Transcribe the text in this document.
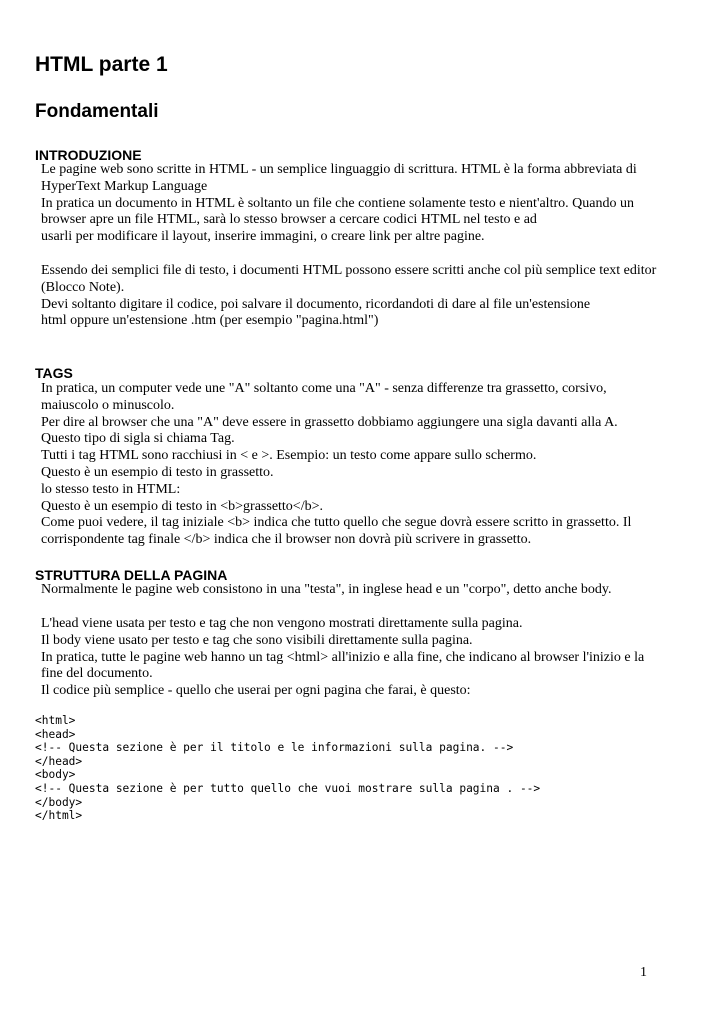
HTML parte 1
Fondamentali
INTRODUZIONE
Le pagine web sono scritte in HTML - un semplice linguaggio di scrittura. HTML è la forma abbreviata di
HyperText Markup Language
In pratica un documento in HTML è soltanto un file che contiene solamente testo e nient'altro. Quando un
browser apre un file HTML, sarà lo stesso browser a cercare codici HTML nel testo e ad
usarli per modificare il layout, inserire immagini, o creare link per altre pagine.
Essendo dei semplici file di testo, i documenti HTML possono essere scritti anche col più semplice text editor
(Blocco Note).
Devi soltanto digitare il codice, poi salvare il documento, ricordandoti di dare al file un'estensione
html oppure un'estensione .htm (per esempio "pagina.html")
TAGS
In pratica, un computer vede une "A" soltanto come una "A" - senza differenze tra grassetto, corsivo,
maiuscolo o minuscolo.
Per dire al browser che una "A" deve essere in grassetto dobbiamo aggiungere una sigla davanti alla A.
Questo tipo di sigla si chiama Tag.
Tutti i tag HTML sono racchiusi in < e >. Esempio: un testo come appare sullo schermo.
Questo è un esempio di testo in grassetto.
lo stesso testo in HTML:
Questo è un esempio di testo in <b>grassetto</b>.
Come puoi vedere, il tag iniziale <b> indica che tutto quello che segue dovrà essere scritto in grassetto. Il
corrispondente tag finale </b> indica che il browser non dovrà più scrivere in grassetto.
STRUTTURA DELLA PAGINA
Normalmente le pagine web consistono in una "testa", in inglese head e un "corpo", detto anche body.
L'head viene usata per testo e tag che non vengono mostrati direttamente sulla pagina.
Il body viene usato per testo e tag che sono visibili direttamente sulla pagina.
In pratica, tutte le pagine web hanno un tag <html> all'inizio e alla fine, che indicano al browser l'inizio e la
fine del documento.
Il codice più semplice - quello che userai per ogni pagina che farai, è questo:
<html>
<head>
<!-- Questa sezione è per il titolo e le informazioni sulla pagina. -->
</head>
<body>
<!-- Questa sezione è per tutto quello che vuoi mostrare sulla pagina . -->
</body>
</html>
1
